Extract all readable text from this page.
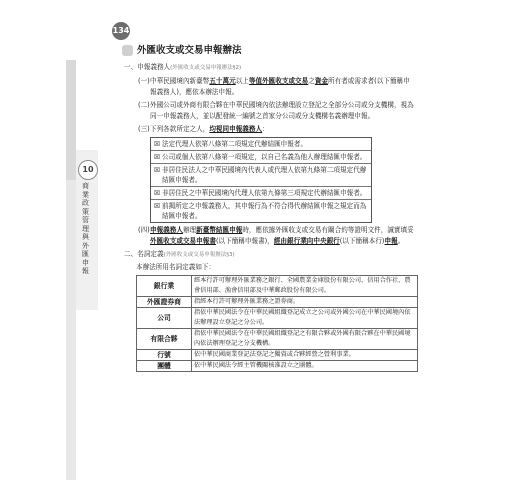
134
10
商業政策管理與外匯申報
外匯收支或交易申報辦法
一、申報義務人(外匯收支或交易申報辦法§2)
(一) 中華民國境內新臺幣五十萬元以上等值外匯收支或交易之資金所有者或需求者(以下簡稱申報義務人)，應依本辦法申報。
(二) 外國公司或外商有限合夥在中華民國境內依法辦理設立登記之全部分公司或分支機構，視為同一申報義務人，並以配發統一編號之首家分公司或分支機構名義辦理申報。
(三) 下列各款所定之人，均視同申報義務人：
☒ 法定代理人依第八條第二項規定代辦結匯申報者。
☒ 公司或個人依第八條第一項規定，以自己名義為他人辦理結匯申報者。
☒ 非居住民法人之中華民國境內代表人或代理人依第九條第二項規定代辦結匯申報者。
☒ 非居住民之中華民國境內代理人依第九條第三項規定代辦結匯申報者。
☒ 前揭所定之申報義務人，其申報行為不符合得代辦結匯申報之規定而為結匯申報者。
(四) 申報義務人辦理新臺幣結匯申報時，應依據外匯收支或交易有關合約等證明文件，誠實填妥外匯收支或交易申報書(以下簡稱申報書)，經由銀行業向中央銀行(以下簡稱本行)申報。
二、名詞定義(外匯收支或交易申報辦法§3)
本辦法所用名詞定義如下：
銀行業	經本行許可辦理外匯業務之銀行、全國農業金庫股份有限公司、信用合作社、農會信用部、漁會信用部及中華郵政股份有限公司。
外匯證券商	指經本行許可辦理外匯業務之證券商。
公司	指依中華民國法令在中華民國組織登記成立之公司或外國公司在中華民國境內依法辦理設立登記之分公司。
有限合夥	指依中華民國法令在中華民國組織登記之有限合夥或外國有限合夥在中華民國境內依法辦理登記之分支機構。
行號	依中華民國商業登記法登記之獨資或合夥經營之營利事業。
團體	依中華民國法令經主管機關核准設立之團體。
